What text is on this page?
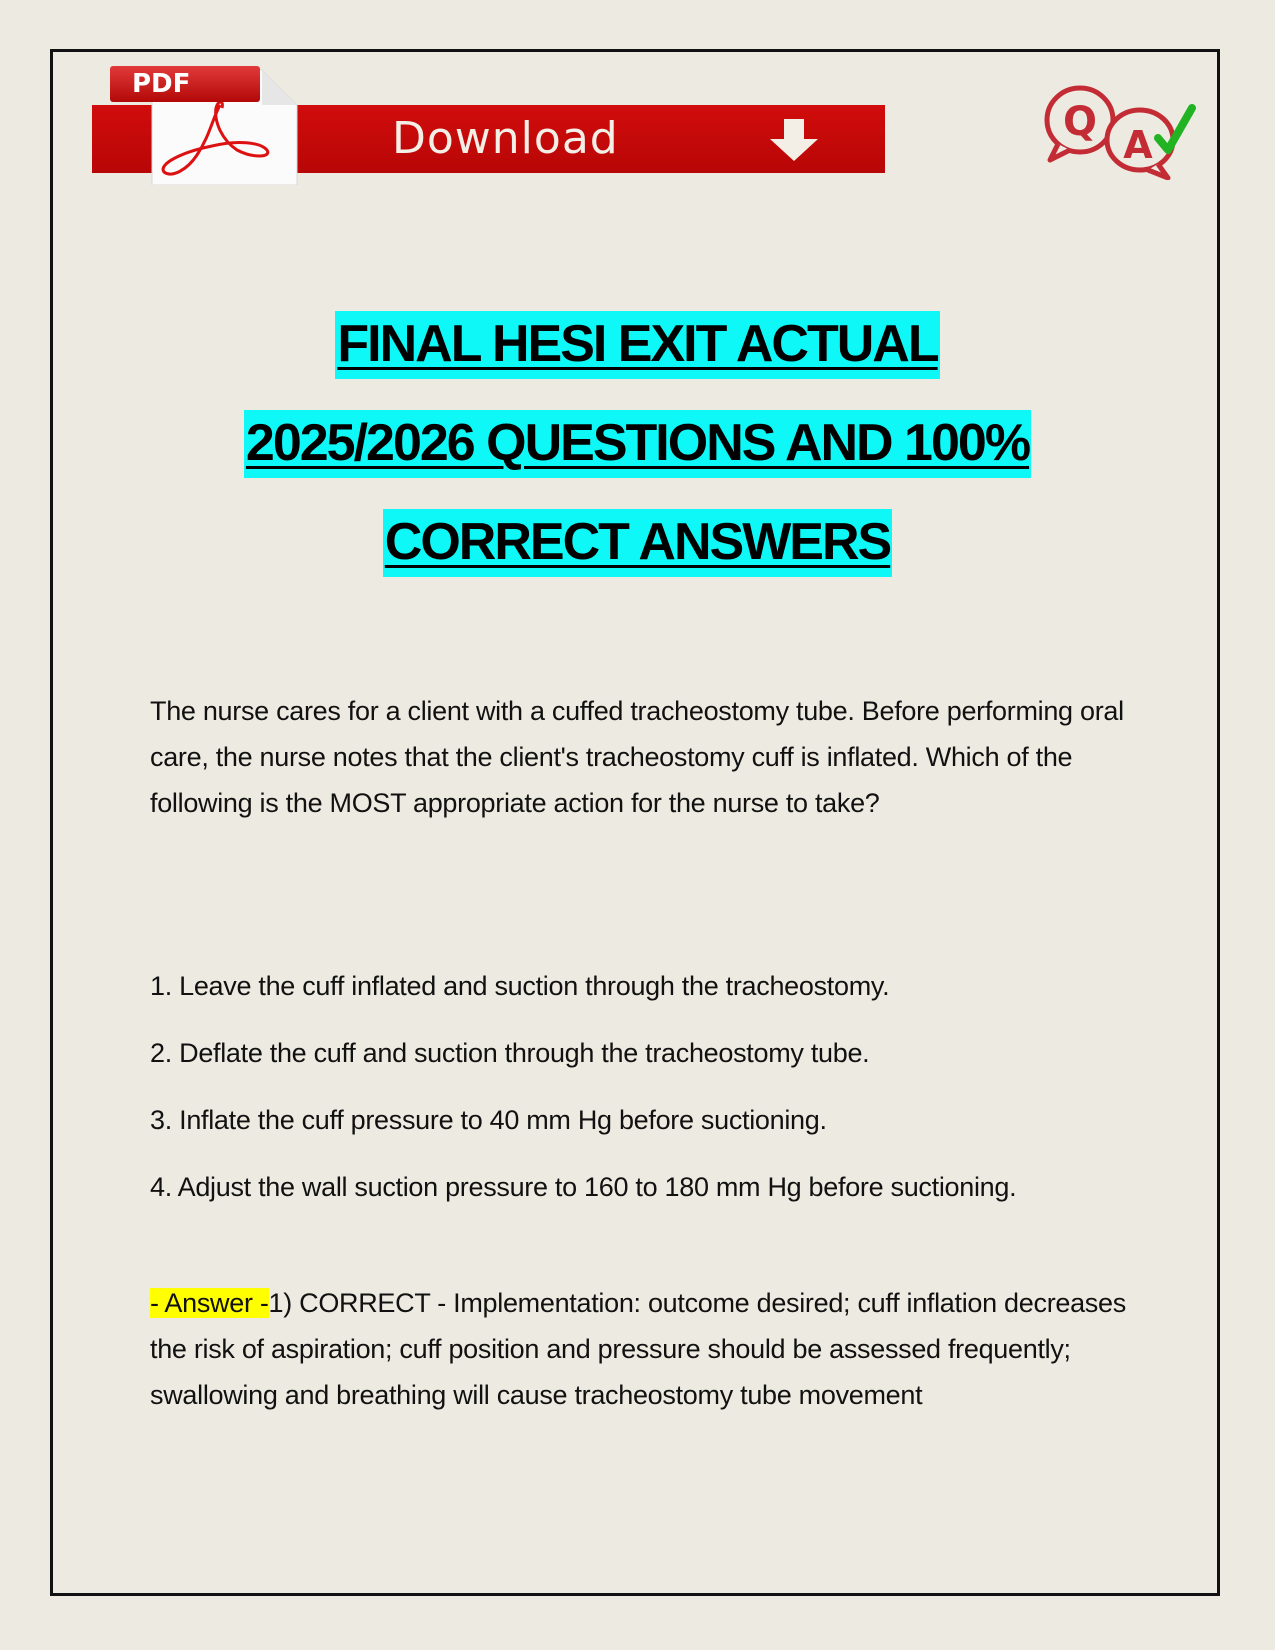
Download
PDF
Q A
FINAL HESI EXIT ACTUAL
2025/2026 QUESTIONS AND 100%
CORRECT ANSWERS
The nurse cares for a client with a cuffed tracheostomy tube. Before performing oral care, the nurse notes that the client's tracheostomy cuff is inflated. Which of the following is the MOST appropriate action for the nurse to take?
1. Leave the cuff inflated and suction through the tracheostomy.
2. Deflate the cuff and suction through the tracheostomy tube.
3. Inflate the cuff pressure to 40 mm Hg before suctioning.
4. Adjust the wall suction pressure to 160 to 180 mm Hg before suctioning.
- Answer -1) CORRECT - Implementation: outcome desired; cuff inflation decreases the risk of aspiration; cuff position and pressure should be assessed frequently; swallowing and breathing will cause tracheostomy tube movement
